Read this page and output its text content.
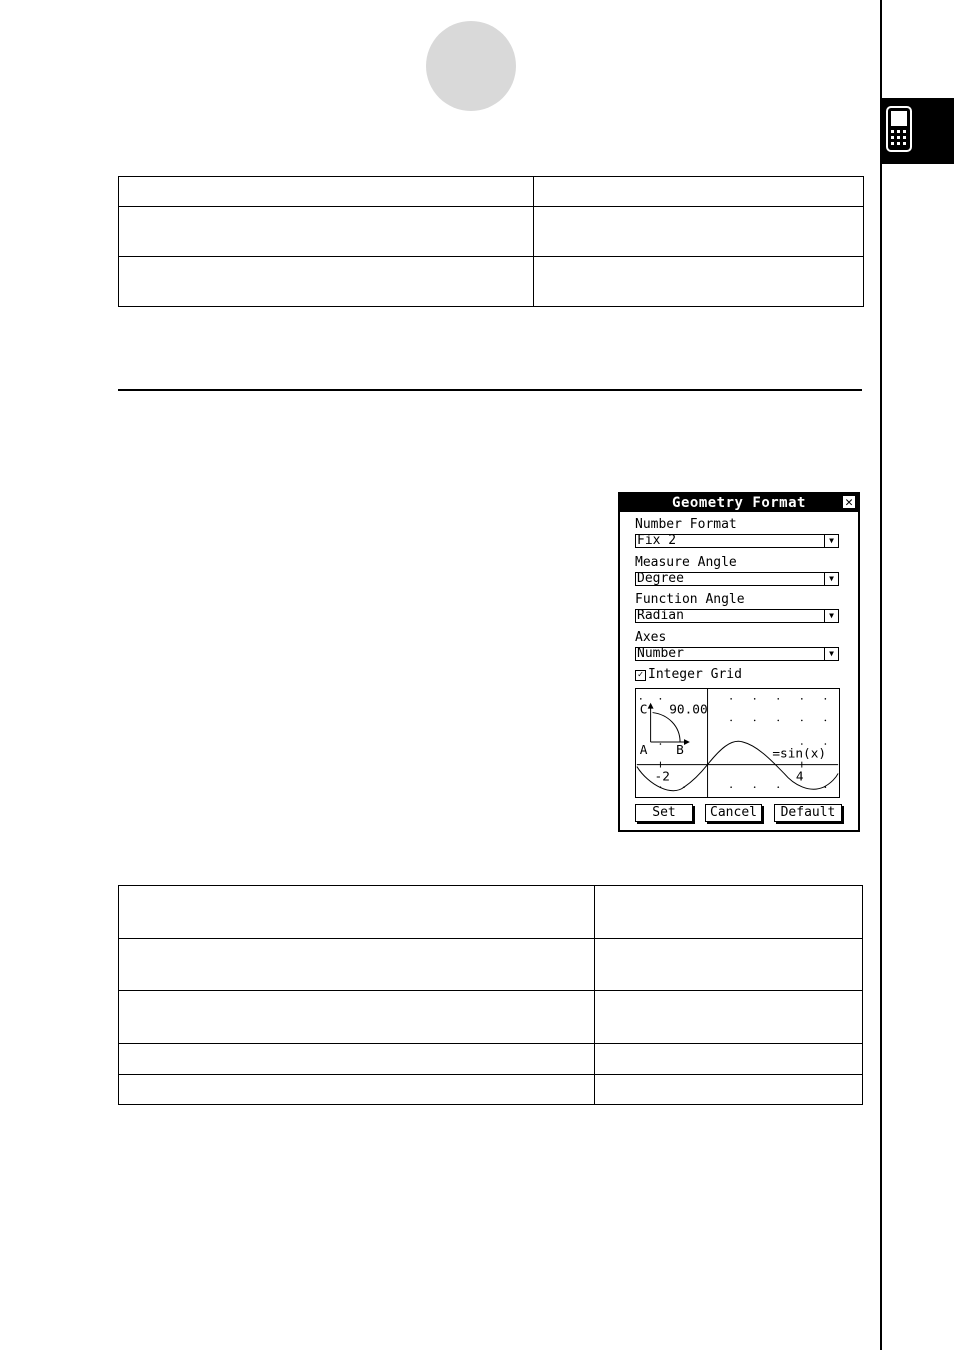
Geometry Format	✕
Number Format
Fix 2	▼
Measure Angle
Degree	▼
Function Angle
Radian	▼
Axes
Number	▼
✓ Integer Grid
C 90.00
A B	=sin(x)
-2	4
Set	Cancel	Default
